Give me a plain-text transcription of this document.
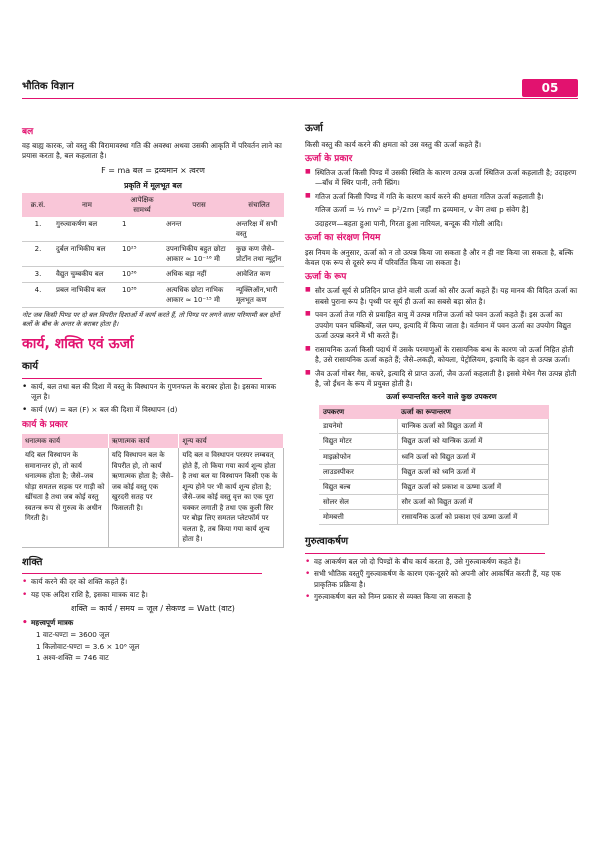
भौतिक विज्ञान	05
बल

वह बाह्य कारक, जो वस्तु की विरामावस्था गति की अवस्था अथवा उसकी आकृति में परिवर्तन लाने का प्रयास करता है, बल कहलाता है।

F = ma बल = द्रव्यमान × त्वरण
प्रकृति में मूलभूत बल
क्र.सं.	नाम	आपेक्षिक सामर्थ्य	परास	संचालित
1.	गुरुत्वाकर्षण बल	1	अनन्त	अन्तरिक्ष में सभी वस्तु
2.	दुर्बल नाभिकीय बल	10²⁵	उपनाभिकीय बहुत छोटा आकार ≈ 10⁻¹⁶ मी	कुछ कण जैसे–प्रोटॉन तथा न्यूट्रॉन
3.	वैद्युत चुम्बकीय बल	10³⁶	अधिक बड़ा नहीं	आवेशित कण
4.	प्रबल नाभिकीय बल	10³⁸	अत्यधिक छोटा नाभिक आकार ≈ 10⁻¹⁵ मी	न्यूक्लिऑन,भारी मूलभूत कण
नोट जब किसी पिण्ड पर दो बल विपरीत दिशाओं में कार्य करते हैं, तो पिण्ड पर लगने वाला परिणामी बल दोनों बलों के बीच के अन्तर के बराबर होता है।
कार्य, शक्ति एवं ऊर्जा
कार्य
• कार्य, बल तथा बल की दिशा में वस्तु के विस्थापन के गुणनफल के बराबर होता है। इसका मात्रक जूल है।
• कार्य (W) = बल (F) × बल की दिशा में विस्थापन (d)
कार्य के प्रकार
धनात्मक कार्य	ऋणात्मक कार्य	शून्य कार्य
यदि बल विस्थापन के समानान्तर हो, तो कार्य धनात्मक होता है; जैसे–जब घोड़ा समतल सड़क पर गाड़ी को खींचता है तथा जब कोई वस्तु स्वतन्त्र रूप से गुरुत्व के अधीन गिरती है।	यदि विस्थापन बल के विपरीत हो, तो कार्य ऋणात्मक होता है; जैसे–जब कोई वस्तु एक खुरदरी सतह पर फिसलती है।	यदि बल व विस्थापन परस्पर लम्बवत् होते हैं, तो किया गया कार्य शून्य होता है तथा बल या विस्थापन किसी एक के शून्य होने पर भी कार्य शून्य होता है; जैसे–जब कोई वस्तु वृत्त का एक पूरा चक्कर लगाती है तथा एक कुली सिर पर बोझ लिए समतल प्लेटफॉर्म पर चलता है, तब किया गया कार्य शून्य होता है।
शक्ति
• कार्य करने की दर को शक्ति कहते हैं।
• यह एक अदिश राशि है, इसका मात्रक वाट है।
शक्ति = कार्य / समय = जूल / सेकण्ड = Watt (वाट)
• महत्त्वपूर्ण मात्रक

1 वाट-घण्टा = 3600 जूल

1 किलोवाट-घण्टा = 3.6 × 10⁶ जूल

1 अश्व-शक्ति = 746 वाट

ऊर्जा

किसी वस्तु की कार्य करने की क्षमता को उस वस्तु की ऊर्जा कहते हैं।

ऊर्जा के प्रकार
■ स्थितिज ऊर्जा किसी पिण्ड में उसकी स्थिति के कारण उत्पन्न ऊर्जा स्थितिज ऊर्जा कहलाती है; उदाहरण—बाँध में स्थिर पानी, तनी स्प्रिंग।
■ गतिज ऊर्जा किसी पिण्ड में गति के कारण कार्य करने की क्षमता गतिज ऊर्जा कहलाती है।
गतिज ऊर्जा = ½ mv² = p²/2m [जहाँ m द्रव्यमान, v वेग तथा p संवेग है]

उदाहरण—बहता हुआ पानी, गिरता हुआ नारियल, बन्दूक की गोली आदि।

ऊर्जा का संरक्षण नियम

इस नियम के अनुसार, ऊर्जा को न तो उत्पन्न किया जा सकता है और न ही नष्ट किया जा सकता है, बल्कि केवल एक रूप से दूसरे रूप में परिवर्तित किया जा सकता है।

ऊर्जा के रूप
■ सौर ऊर्जा सूर्य से प्रतिदिन प्राप्त होने वाली ऊर्जा को सौर ऊर्जा कहते हैं। यह मानव की विदित ऊर्जा का सबसे पुराना रूप है। पृथ्वी पर सूर्य ही ऊर्जा का सबसे बड़ा स्रोत है।
■ पवन ऊर्जा तेज गति से प्रवाहित वायु में उत्पन्न गतिज ऊर्जा को पवन ऊर्जा कहते हैं। इस ऊर्जा का उपयोग पवन चक्कियों, जल पम्प, इत्यादि में किया जाता है। वर्तमान में पवन ऊर्जा का उपयोग विद्युत ऊर्जा उत्पन्न करने में भी करते हैं।
■ रासायनिक ऊर्जा किसी पदार्थ में उसके परमाणुओं के रासायनिक बन्ध के कारण जो ऊर्जा निहित होती है, उसे रासायनिक ऊर्जा कहते हैं; जैसे–लकड़ी, कोयला, पेट्रोलियम, इत्यादि के दहन से उत्पन्न ऊर्जा।
■ जैव ऊर्जा गोबर गैस, कचरे, इत्यादि से प्राप्त ऊर्जा, जैव ऊर्जा कहलाती है। इससे मेथेन गैस उत्पन्न होती है, जो ईंधन के रूप में प्रयुक्त होती है।
ऊर्जा रूपान्तरित करने वाले कुछ उपकरण
उपकरण	ऊर्जा का रूपान्तरण
डायनेमो	यान्त्रिक ऊर्जा को विद्युत ऊर्जा में
विद्युत मोटर	विद्युत ऊर्जा को यान्त्रिक ऊर्जा में
माइक्रोफोन	ध्वनि ऊर्जा को विद्युत ऊर्जा में
लाउडस्पीकर	विद्युत ऊर्जा को ध्वनि ऊर्जा में
विद्युत बल्ब	विद्युत ऊर्जा को प्रकाश व ऊष्मा ऊर्जा में
सोलर सेल	सौर ऊर्जा को विद्युत ऊर्जा में
मोमबत्ती	रासायनिक ऊर्जा को प्रकाश एवं ऊष्मा ऊर्जा में
गुरुत्वाकर्षण
• वह आकर्षण बल जो दो पिण्डों के बीच कार्य करता है, उसे गुरुत्वाकर्षण कहते हैं।
• सभी भौतिक वस्तुएँ गुरुत्वाकर्षण के कारण एक-दूसरे को अपनी ओर आकर्षित करती हैं, यह एक प्राकृतिक प्रक्रिया है।
• गुरुत्वाकर्षण बल को निम्न प्रकार से व्यक्त किया जा सकता है
